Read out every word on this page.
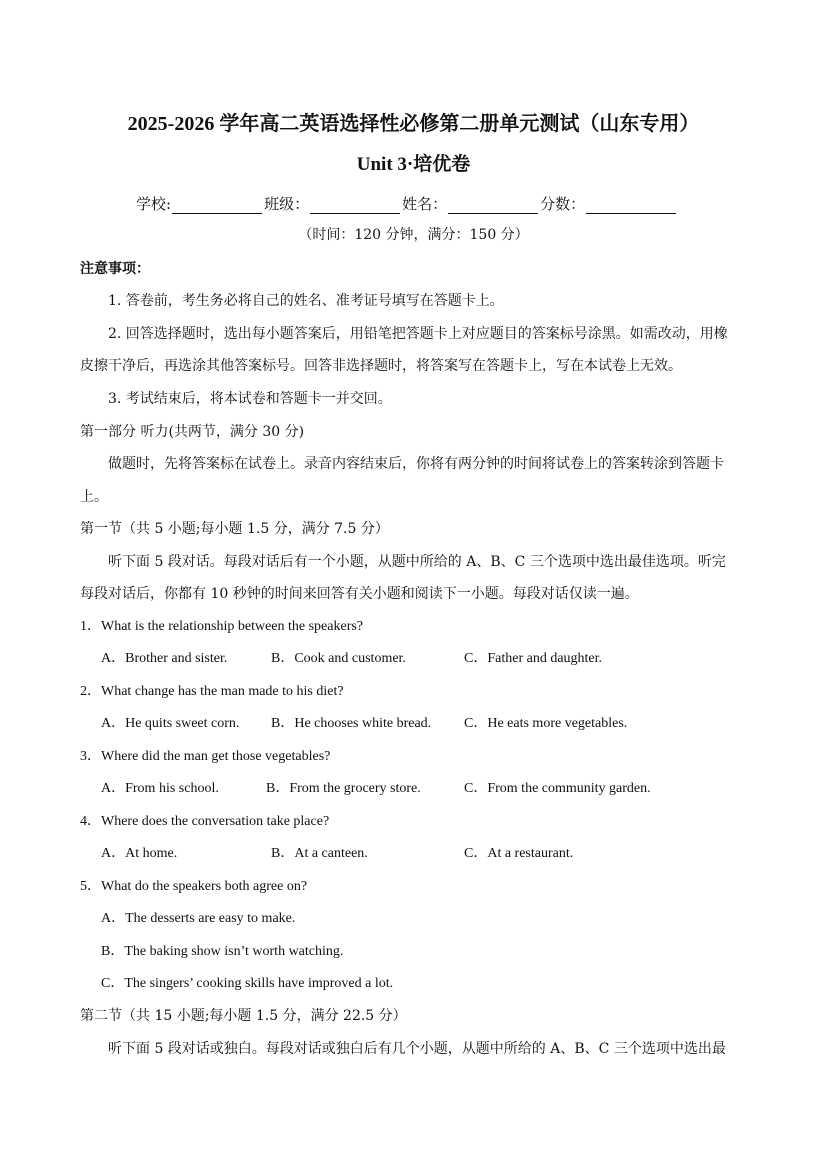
2025-2026 学年高二英语选择性必修第二册单元测试（山东专用）
Unit 3·培优卷
学校:	班级：	姓名：	分数：
（时间：120 分钟，满分：150 分）
注意事项：
1. 答卷前，考生务必将自己的姓名、准考证号填写在答题卡上。
2. 回答选择题时，选出每小题答案后，用铅笔把答题卡上对应题目的答案标号涂黑。如需改动，用橡
皮擦干净后，再选涂其他答案标号。回答非选择题时，将答案写在答题卡上，写在本试卷上无效。
3. 考试结束后，将本试卷和答题卡一并交回。
第一部分 听力(共两节，满分 30 分)
做题时，先将答案标在试卷上。录音内容结束后，你将有两分钟的时间将试卷上的答案转涂到答题卡
上。
第一节（共 5 小题;每小题 1.5 分，满分 7.5 分）
听下面 5 段对话。每段对话后有一个小题，从题中所给的 A、B、C 三个选项中选出最佳选项。听完
每段对话后，你都有 10 秒钟的时间来回答有关小题和阅读下一小题。每段对话仅读一遍。
1．What is the relationship between the speakers?
A．Brother and sister.	B．Cook and customer.	C．Father and daughter.
2．What change has the man made to his diet?
A．He quits sweet corn. B．He chooses white bread. C．He eats more vegetables.
3．Where did the man get those vegetables?
A．From his school.	B．From the grocery store.	C．From the community garden.
4．Where does the conversation take place?
A．At home.	B．At a canteen.	C．At a restaurant.
5．What do the speakers both agree on?
A．The desserts are easy to make.
B．The baking show isn’t worth watching.
C．The singers’ cooking skills have improved a lot.
第二节（共 15 小题;每小题 1.5 分，满分 22.5 分）
听下面 5 段对话或独白。每段对话或独白后有几个小题，从题中所给的 A、B、C 三个选项中选出最
